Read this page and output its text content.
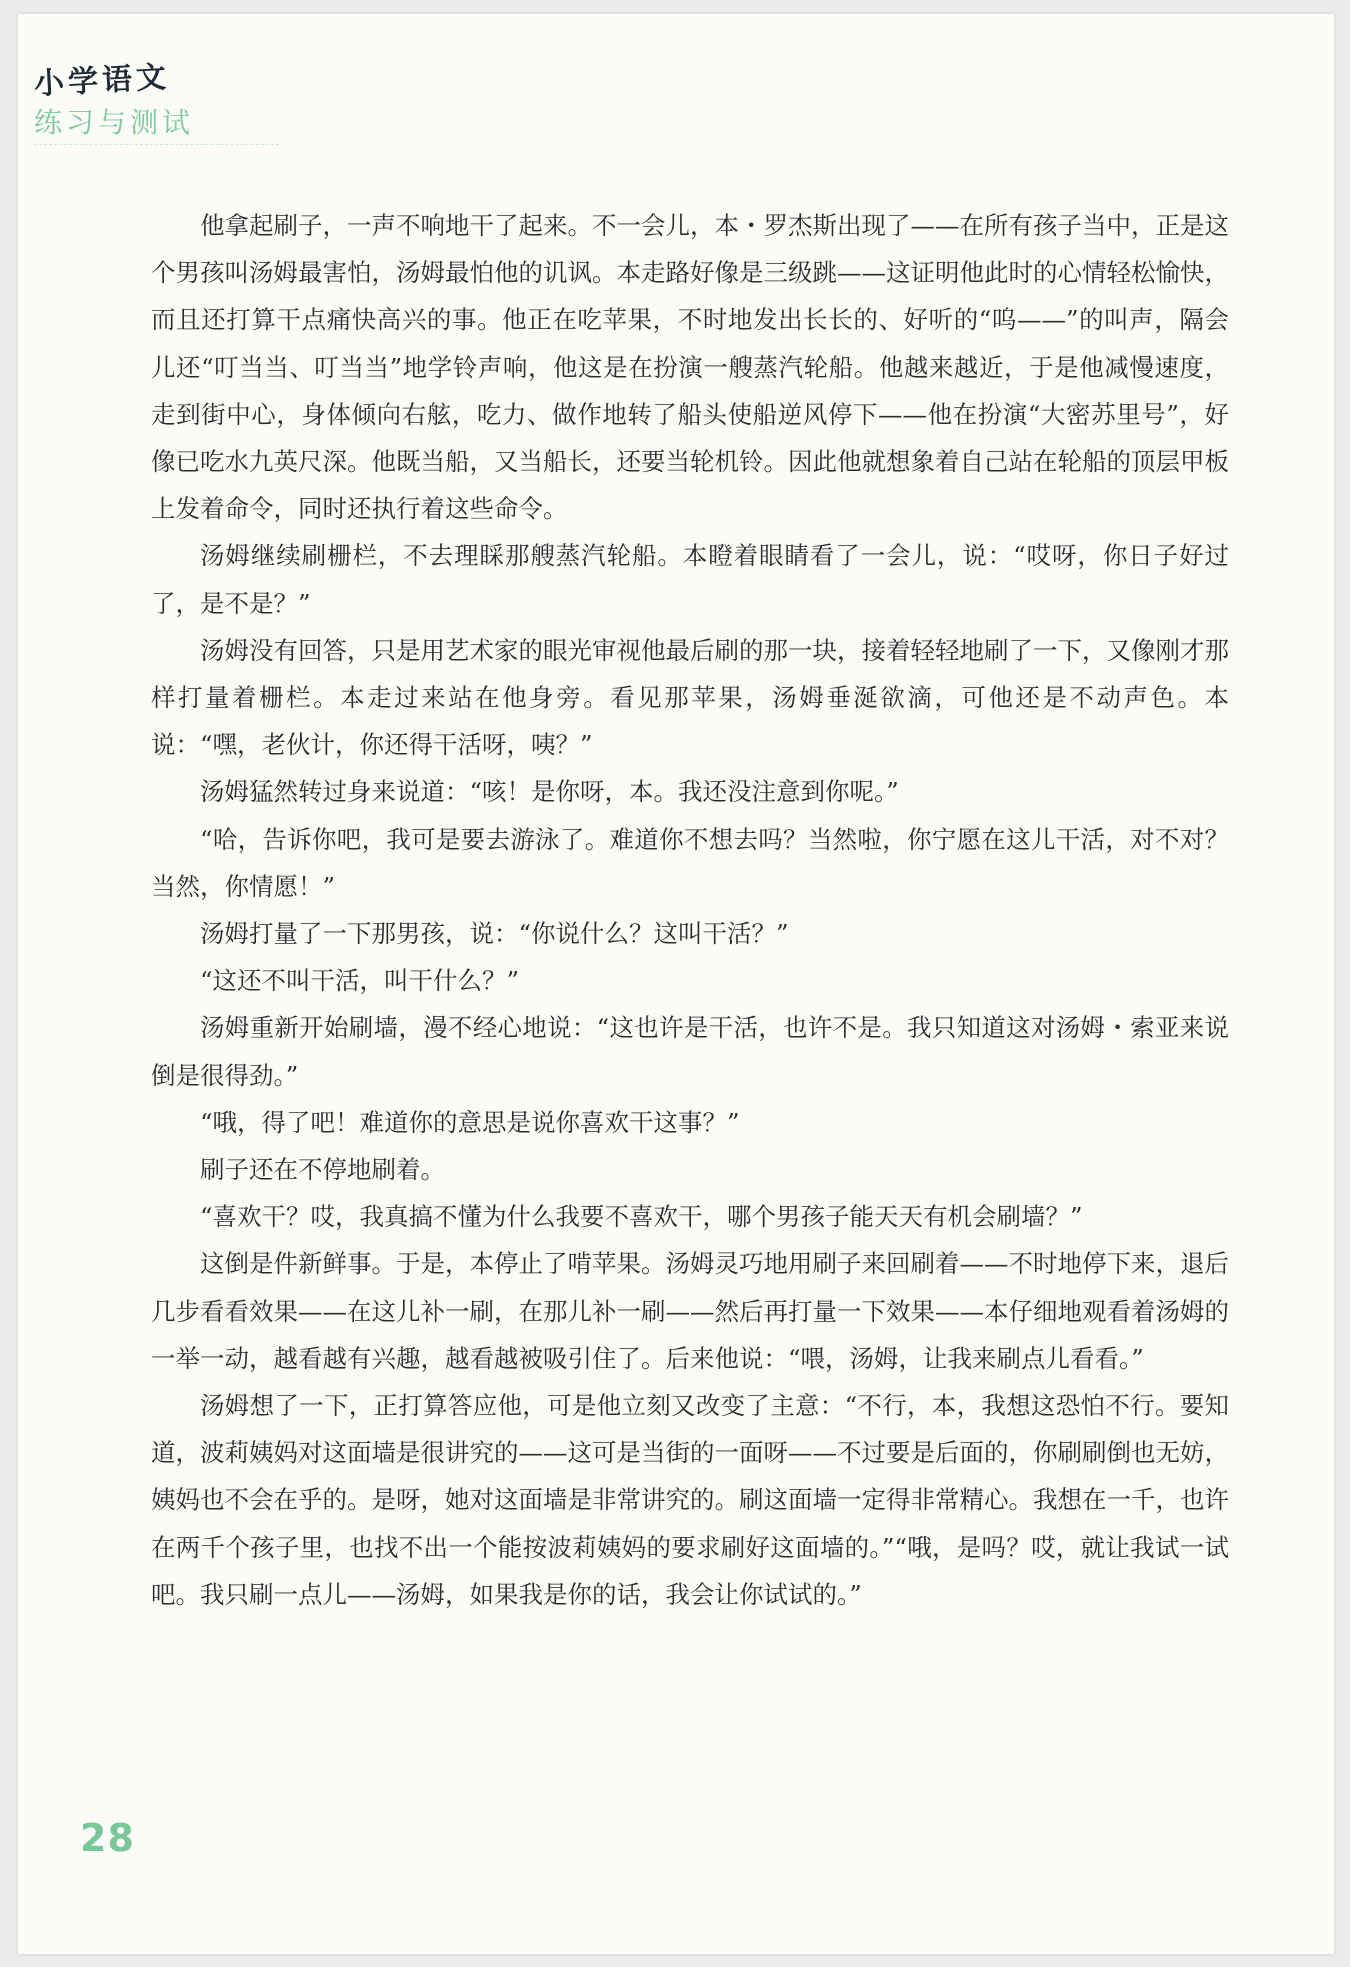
小学语文
练习与测试

他拿起刷子，一声不响地干了起来。不一会儿，本・罗杰斯出现了——在所有孩子当中，正是这个男孩叫汤姆最害怕，汤姆最怕他的讥讽。本走路好像是三级跳——这证明他此时的心情轻松愉快，而且还打算干点痛快高兴的事。他正在吃苹果，不时地发出长长的、好听的“呜——”的叫声，隔会儿还“叮当当、叮当当”地学铃声响，他这是在扮演一艘蒸汽轮船。他越来越近，于是他减慢速度，走到街中心，身体倾向右舷，吃力、做作地转了船头使船逆风停下——他在扮演“大密苏里号”，好像已吃水九英尺深。他既当船，又当船长，还要当轮机铃。因此他就想象着自己站在轮船的顶层甲板上发着命令，同时还执行着这些命令。

汤姆继续刷栅栏，不去理睬那艘蒸汽轮船。本瞪着眼睛看了一会儿，说：“哎呀，你日子好过了，是不是？”

汤姆没有回答，只是用艺术家的眼光审视他最后刷的那一块，接着轻轻地刷了一下，又像刚才那样打量着栅栏。本走过来站在他身旁。看见那苹果，汤姆垂涎欲滴，可他还是不动声色。本说：“嘿，老伙计，你还得干活呀，咦？”

汤姆猛然转过身来说道：“咳！是你呀，本。我还没注意到你呢。”

“哈，告诉你吧，我可是要去游泳了。难道你不想去吗？当然啦，你宁愿在这儿干活，对不对？当然，你情愿！”

汤姆打量了一下那男孩，说：“你说什么？这叫干活？”

“这还不叫干活，叫干什么？”

汤姆重新开始刷墙，漫不经心地说：“这也许是干活，也许不是。我只知道这对汤姆・索亚来说倒是很得劲。”

“哦，得了吧！难道你的意思是说你喜欢干这事？”

刷子还在不停地刷着。

“喜欢干？哎，我真搞不懂为什么我要不喜欢干，哪个男孩子能天天有机会刷墙？”

这倒是件新鲜事。于是，本停止了啃苹果。汤姆灵巧地用刷子来回刷着——不时地停下来，退后几步看看效果——在这儿补一刷，在那儿补一刷——然后再打量一下效果——本仔细地观看着汤姆的一举一动，越看越有兴趣，越看越被吸引住了。后来他说：“喂，汤姆，让我来刷点儿看看。”

汤姆想了一下，正打算答应他，可是他立刻又改变了主意：“不行，本，我想这恐怕不行。要知道，波莉姨妈对这面墙是很讲究的——这可是当街的一面呀——不过要是后面的，你刷刷倒也无妨，姨妈也不会在乎的。是呀，她对这面墙是非常讲究的。刷这面墙一定得非常精心。我想在一千，也许在两千个孩子里，也找不出一个能按波莉姨妈的要求刷好这面墙的。”“哦，是吗？哎，就让我试一试吧。我只刷一点儿——汤姆，如果我是你的话，我会让你试试的。”

28
